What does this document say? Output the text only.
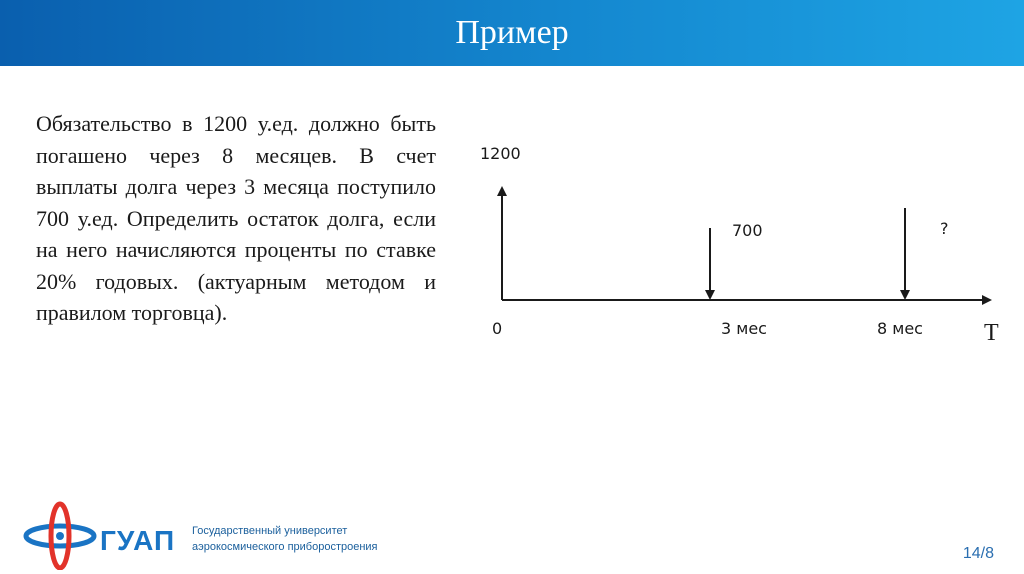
Пример

Обязательство в 1200 у.ед. должно быть погашено через 8 месяцев. В счет выплаты долга через 3 месяца поступило 700 у.ед. Определить остаток долга, если на него начисляются проценты по ставке 20% годовых. (актуарным методом и правилом торговца).

1200
700	?
0	3 мес	8 мес	T
ГУАП Государственный университет
аэрокосмического приборостроения	14/8
